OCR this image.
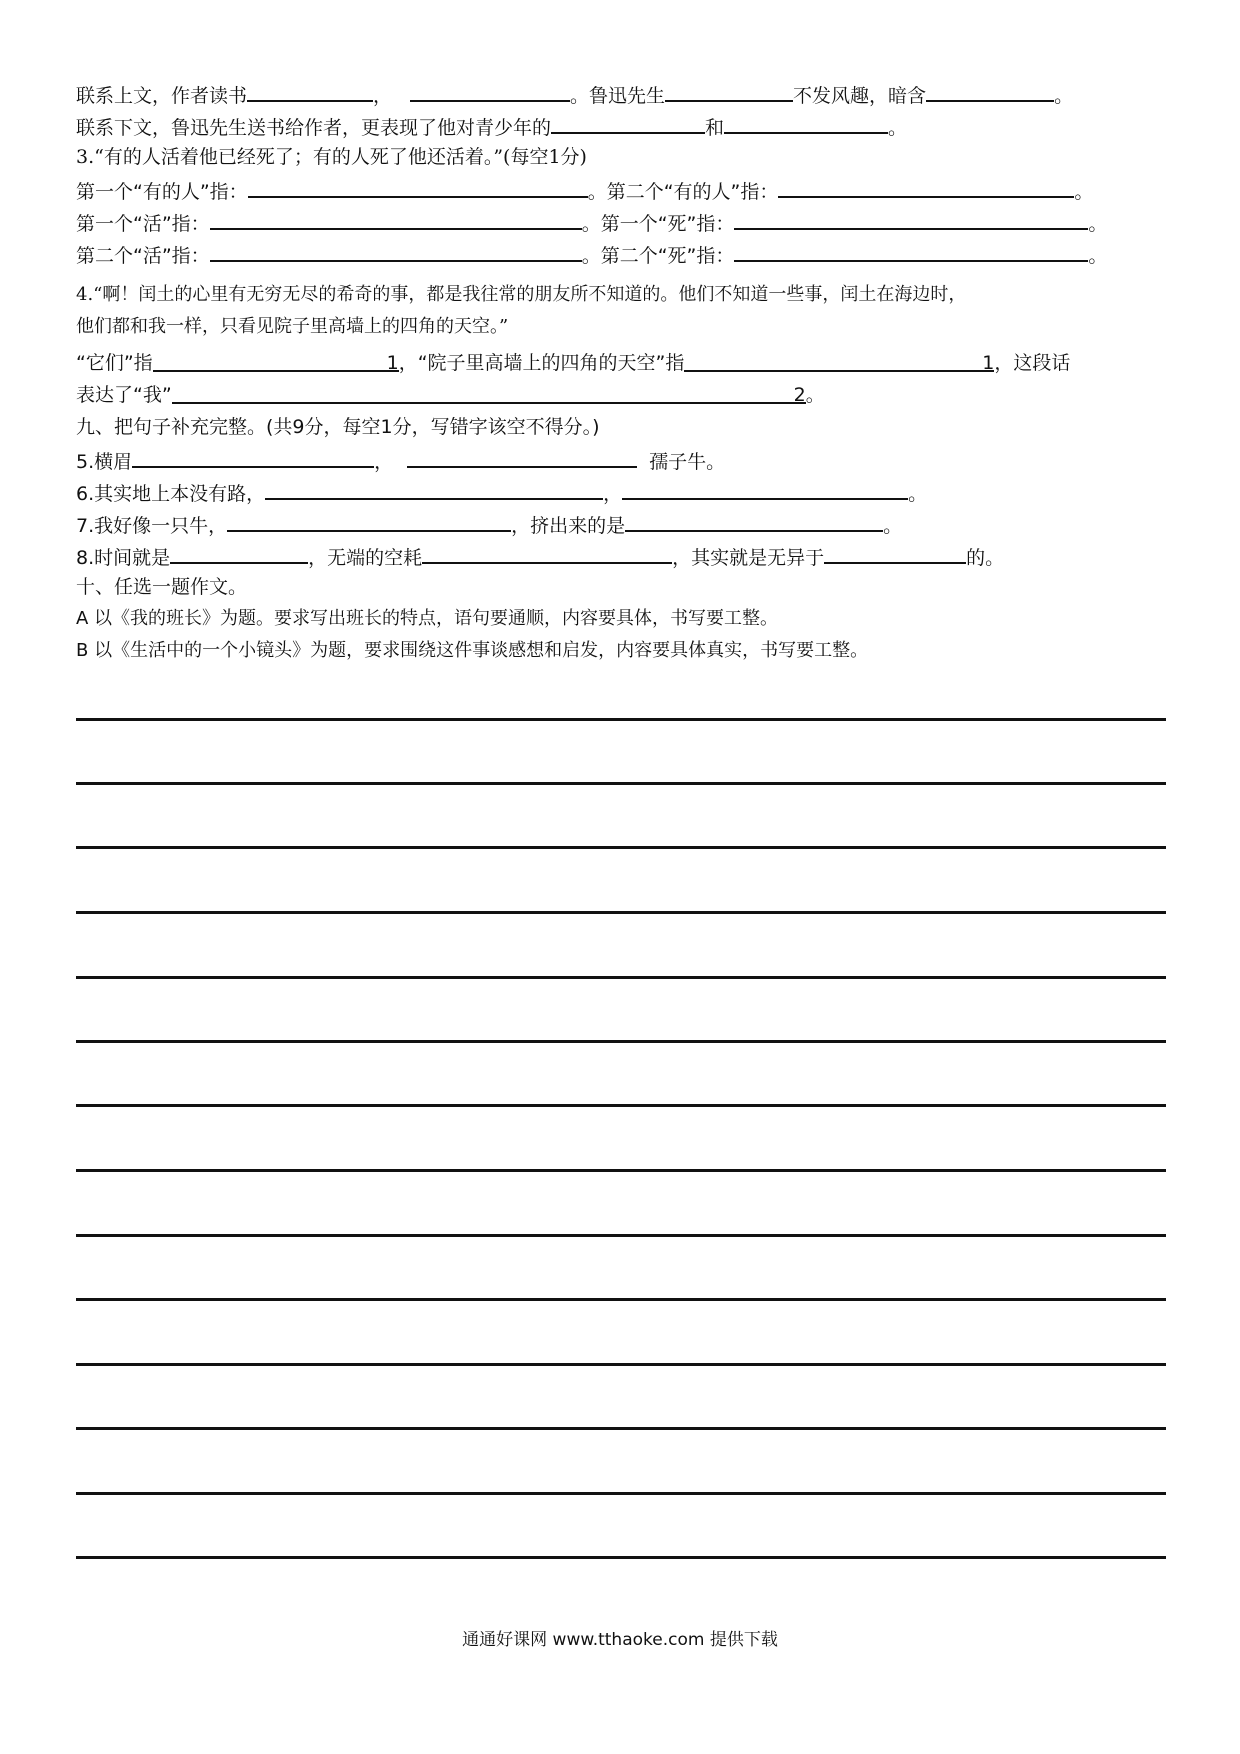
联系上文，作者读书	，	。鲁迅先生	不发风趣，暗含	。
联系下文，鲁迅先生送书给作者，更表现了他对青少年的	和	。
3.“有的人活着他已经死了；有的人死了他还活着。”(每空1分)
第一个“有的人”指：	。第二个“有的人”指：	。
第一个“活”指：	。第一个“死”指：	。
第二个“活”指：	。第二个“死”指：	。
4.“啊！闰土的心里有无穷无尽的希奇的事，都是我往常的朋友所不知道的。他们不知道一些事，闰土在海边时，
他们都和我一样，只看见院子里高墙上的四角的天空。”
“它们”指	1，“院子里高墙上的四角的天空”指	1，这段话
表达了“我”	2。
九、把句子补充完整。(共9分，每空1分，写错字该空不得分。)
5.横眉	，	孺子牛。
6.其实地上本没有路，	，	。
7.我好像一只牛，	，挤出来的是	。
8.时间就是	，无端的空耗	，其实就是无异于	的。
十、任选一题作文。
A 以《我的班长》为题。要求写出班长的特点，语句要通顺，内容要具体，书写要工整。
B 以《生活中的一个小镜头》为题，要求围绕这件事谈感想和启发，内容要具体真实，书写要工整。
通通好课网 www.tthaoke.com 提供下载
